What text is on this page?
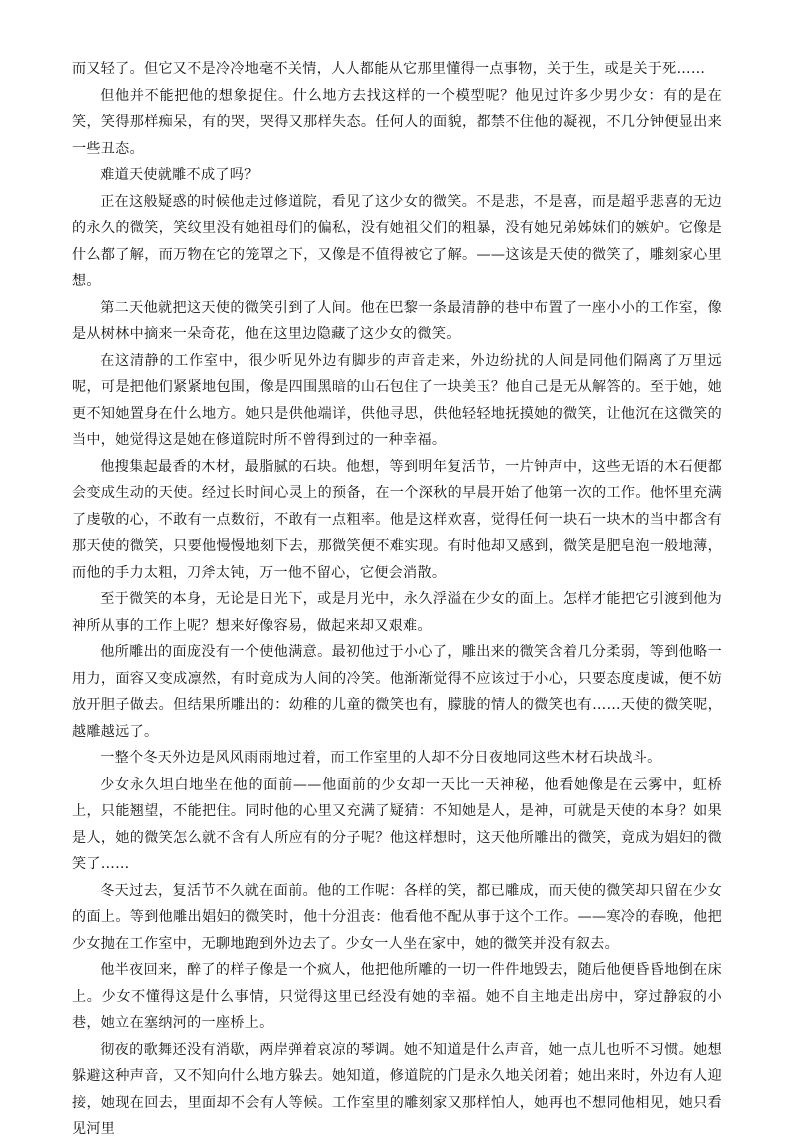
而又轻了。但它又不是冷冷地毫不关情，人人都能从它那里懂得一点事物，关于生，或是关于死……

但他并不能把他的想象捉住。什么地方去找这样的一个模型呢？他见过许多少男少女：有的是在笑，笑得那样痴呆，有的哭，哭得又那样失态。任何人的面貌，都禁不住他的凝视，不几分钟便显出来一些丑态。

难道天使就雕不成了吗？

正在这般疑惑的时候他走过修道院，看见了这少女的微笑。不是悲，不是喜，而是超乎悲喜的无边的永久的微笑，笑纹里没有她祖母们的偏私，没有她祖父们的粗暴，没有她兄弟姊妹们的嫉妒。它像是什么都了解，而万物在它的笼罩之下，又像是不值得被它了解。——这该是天使的微笑了，雕刻家心里想。

第二天他就把这天使的微笑引到了人间。他在巴黎一条最清静的巷中布置了一座小小的工作室，像是从树林中摘来一朵奇花，他在这里边隐藏了这少女的微笑。

在这清静的工作室中，很少听见外边有脚步的声音走来，外边纷扰的人间是同他们隔离了万里远呢，可是把他们紧紧地包围，像是四围黑暗的山石包住了一块美玉？他自己是无从解答的。至于她，她更不知她置身在什么地方。她只是供他端详，供他寻思，供他轻轻地抚摸她的微笑，让他沉在这微笑的当中，她觉得这是她在修道院时所不曾得到过的一种幸福。

他搜集起最香的木材，最脂腻的石块。他想，等到明年复活节，一片钟声中，这些无语的木石便都会变成生动的天使。经过长时间心灵上的预备，在一个深秋的早晨开始了他第一次的工作。他怀里充满了虔敬的心，不敢有一点数衍，不敢有一点粗率。他是这样欢喜，觉得任何一块石一块木的当中都含有那天使的微笑，只要他慢慢地刻下去，那微笑便不难实现。有时他却又感到，微笑是肥皂泡一般地薄，而他的手力太粗，刀斧太钝，万一他不留心，它便会消散。

至于微笑的本身，无论是日光下，或是月光中，永久浮溢在少女的面上。怎样才能把它引渡到他为神所从事的工作上呢？想来好像容易，做起来却又艰难。

他所雕出的面庞没有一个使他满意。最初他过于小心了，雕出来的微笑含着几分柔弱，等到他略一用力，面容又变成凛然，有时竟成为人间的冷笑。他渐渐觉得不应该过于小心，只要态度虔诚，便不妨放开胆子做去。但结果所雕出的：幼稚的儿童的微笑也有，朦胧的情人的微笑也有……天使的微笑呢，越雕越远了。

一整个冬天外边是风风雨雨地过着，而工作室里的人却不分日夜地同这些木材石块战斗。

少女永久坦白地坐在他的面前——他面前的少女却一天比一天神秘，他看她像是在云雾中，虹桥上，只能翘望，不能把住。同时他的心里又充满了疑猜：不知她是人，是神，可就是天使的本身？如果是人，她的微笑怎么就不含有人所应有的分子呢？他这样想时，这天他所雕出的微笑，竟成为娼妇的微笑了……

冬天过去，复活节不久就在面前。他的工作呢：各样的笑，都已雕成，而天使的微笑却只留在少女的面上。等到他雕出娼妇的微笑时，他十分沮丧：他看他不配从事于这个工作。——寒冷的春晚，他把少女抛在工作室中，无聊地跑到外边去了。少女一人坐在家中，她的微笑并没有叙去。

他半夜回来，醉了的样子像是一个疯人，他把他所雕的一切一件件地毁去，随后他便昏昏地倒在床上。少女不懂得这是什么事情，只觉得这里已经没有她的幸福。她不自主地走出房中，穿过静寂的小巷，她立在塞纳河的一座桥上。

彻夜的歌舞还没有消歇，两岸弹着哀凉的琴调。她不知道是什么声音，她一点儿也听不习惯。她想躲避这种声音，又不知向什么地方躲去。她知道，修道院的门是永久地关闭着；她出来时，外边有人迎接，她现在回去，里面却不会有人等候。工作室里的雕刻家又那样怕人，她再也不想同他相见，她只看见河里
